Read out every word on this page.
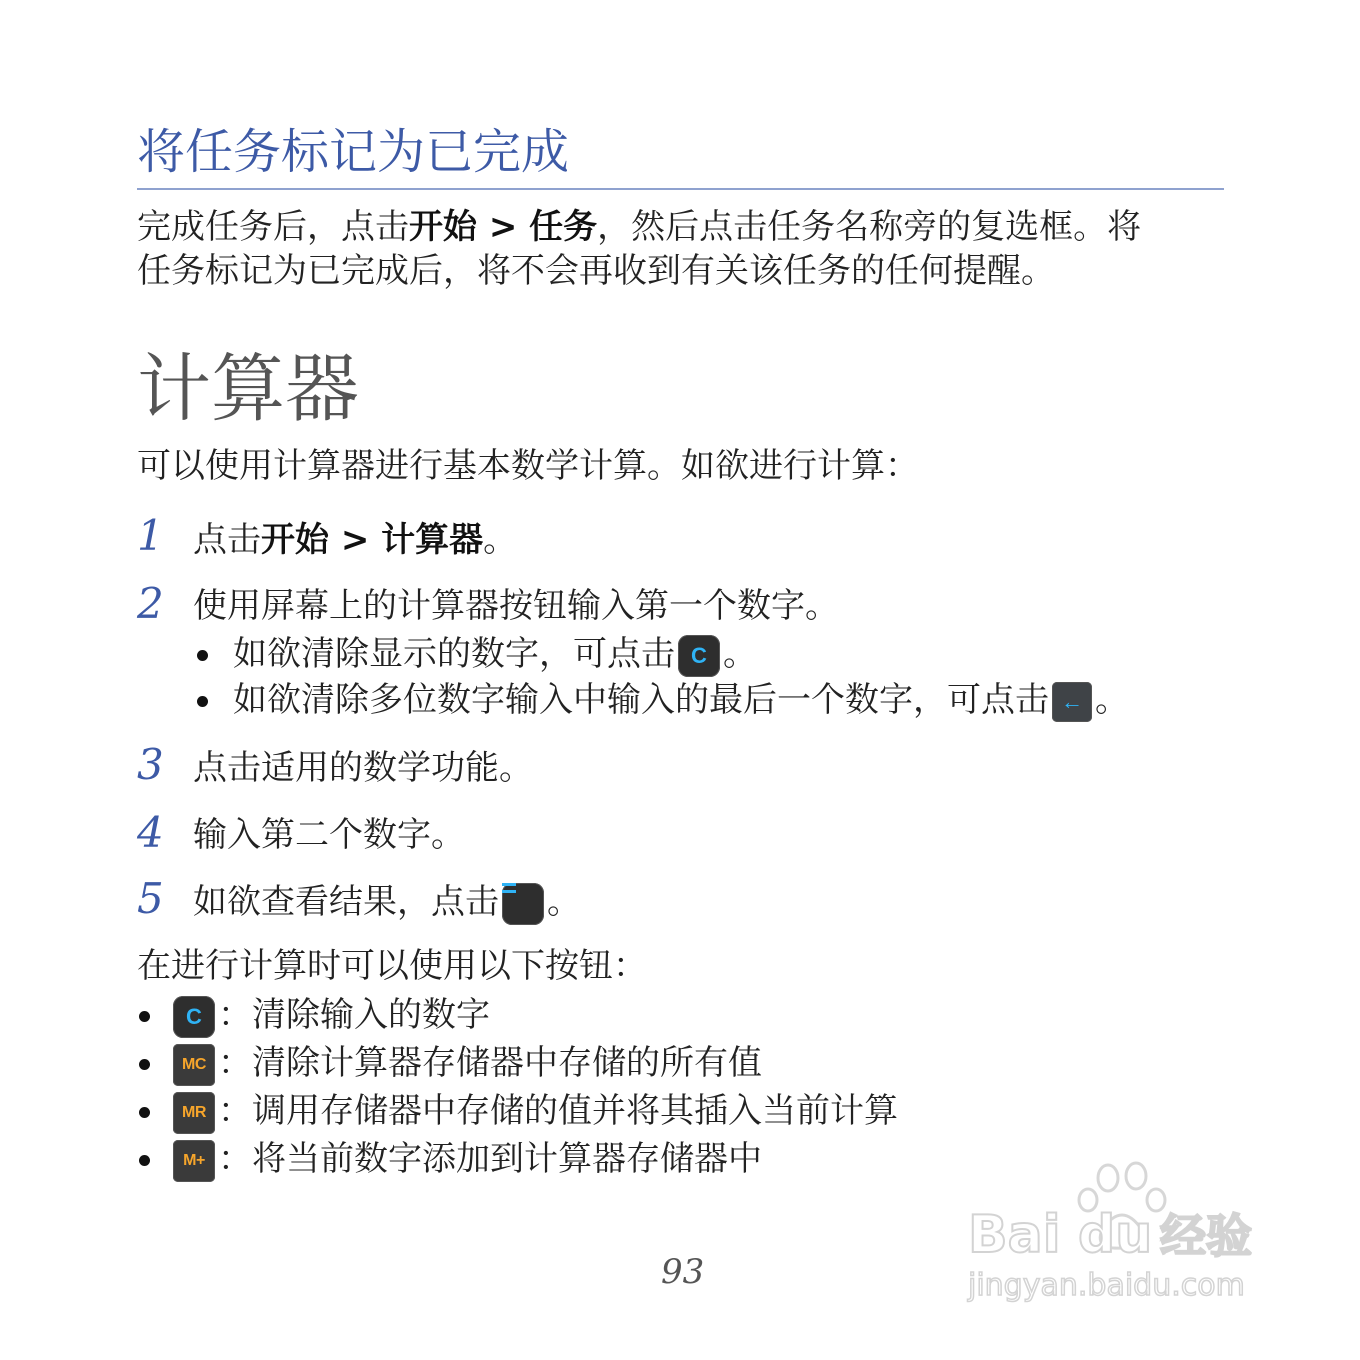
将任务标记为已完成
完成任务后，点击开始 > 任务，然后点击任务名称旁的复选框。将
任务标记为已完成后，将不会再收到有关该任务的任何提醒。
计算器
可以使用计算器进行基本数学计算。如欲进行计算：
1 点击开始 > 计算器。
2 使用屏幕上的计算器按钮输入第一个数字。
如欲清除显示的数字，可点击 C 。
如欲清除多位数字输入中输入的最后一个数字，可点击 ← 。
3 点击适用的数学功能。
4 输入第二个数字。
5 如欲查看结果，点击 。
在进行计算时可以使用以下按钮：
C ：清除输入的数字
MC ：清除计算器存储器中存储的所有值
MR ：调用存储器中存储的值并将其插入当前计算
M+ ：将当前数字添加到计算器存储器中
93
Bai du 经验
jingyan.baidu.com
